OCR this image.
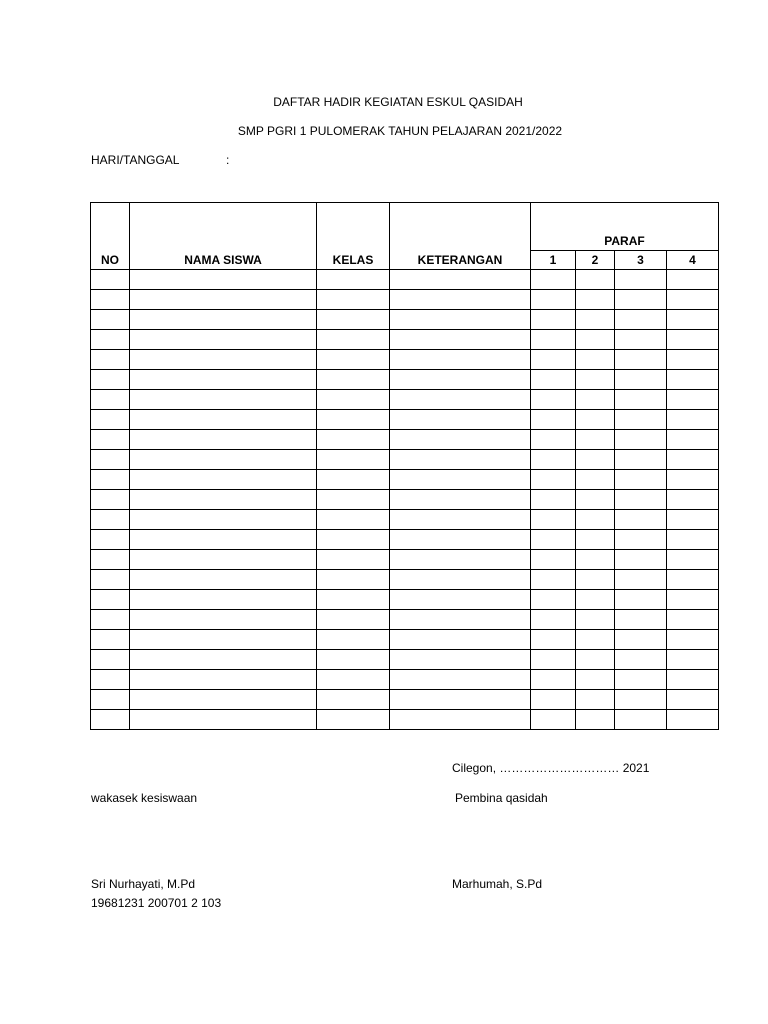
DAFTAR HADIR KEGIATAN ESKUL QASIDAH
SMP PGRI 1 PULOMERAK TAHUN PELAJARAN 2021/2022
HARI/TANGGAL	:
NO	NAMA SISWA	KELAS	KETERANGAN	PARAF			
				1	2	3	4

Cilegon, ………………………… 2021
wakasek kesiswaan	Pembina qasidah
Sri Nurhayati, M.Pd
19681231 200701 2 103
Marhumah, S.Pd
